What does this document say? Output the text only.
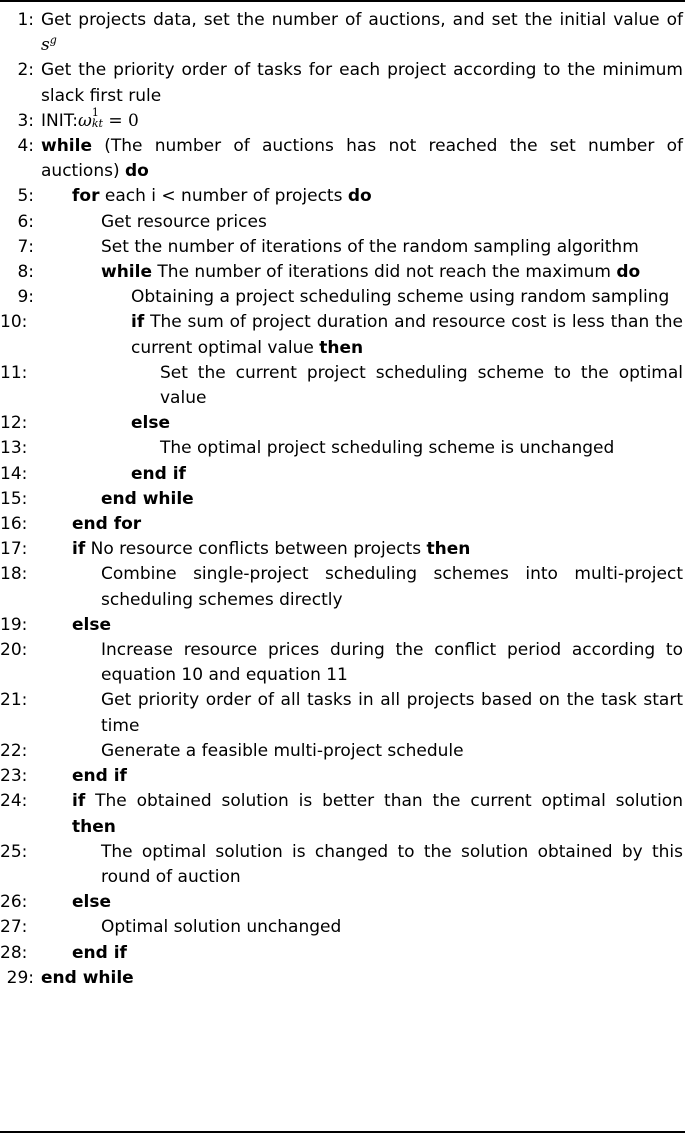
1: Get projects data, set the number of auctions, and set the initial value of $s^g$
2: Get the priority order of tasks for each project according to the minimum slack first rule
3: INIT:ω 1
kt = 0
4: while (The number of auctions has not reached the set number of auctions) do
5: for each i < number of projects do
6:	Get resource prices
7:	Set the number of iterations of the random sampling algorithm
8:	while The number of iterations did not reach the maximum do
9:	Obtaining a project scheduling scheme using random sampling
10:	if The sum of project duration and resource cost is less than the current optimal value then
11:	Set the current project scheduling scheme to the optimal value
12:	else
13:	The optimal project scheduling scheme is unchanged
14:	end if
15:	end while
16:	end for
17:	if No resource conflicts between projects then
18:	Combine single-project scheduling schemes into multi-project scheduling schemes directly
19:	else
20:	Increase resource prices during the conflict period according to equation 10 and equation 11
21:	Get priority order of all tasks in all projects based on the task start time
22:	Generate a feasible multi-project schedule
23:	end if
24:	if The obtained solution is better than the current optimal solution then
25:	The optimal solution is changed to the solution obtained by this round of auction
26:	else
27:	Optimal solution unchanged
28:	end if
29: end while
